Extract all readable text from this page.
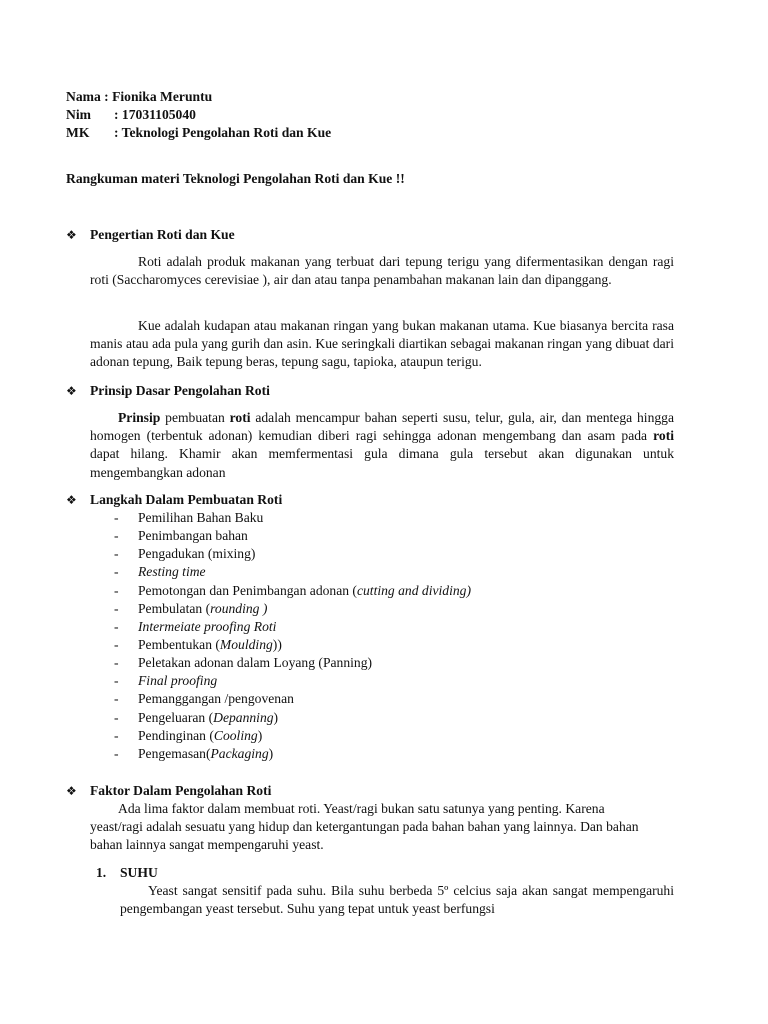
Nama : Fionika Meruntu
Nim : 17031105040
MK : Teknologi Pengolahan Roti dan Kue
Rangkuman materi Teknologi Pengolahan Roti dan Kue !!
❖ Pengertian Roti dan Kue
Roti adalah produk makanan yang terbuat dari tepung terigu yang difermentasikan dengan ragi roti (Saccharomyces cerevisiae ), air dan atau tanpa penambahan makanan lain dan dipanggang.
Kue adalah kudapan atau makanan ringan yang bukan makanan utama. Kue biasanya bercita rasa manis atau ada pula yang gurih dan asin. Kue seringkali diartikan sebagai makanan ringan yang dibuat dari adonan tepung, Baik tepung beras, tepung sagu, tapioka, ataupun terigu.
❖ Prinsip Dasar Pengolahan Roti
Prinsip pembuatan roti adalah mencampur bahan seperti susu, telur, gula, air, dan mentega hingga homogen (terbentuk adonan) kemudian diberi ragi sehingga adonan mengembang dan asam pada roti dapat hilang. Khamir akan memfermentasi gula dimana gula tersebut akan digunakan untuk mengembangkan adonan
❖ Langkah Dalam Pembuatan Roti
- Pemilihan Bahan Baku
- Penimbangan bahan
- Pengadukan (mixing)
- Resting time
- Pemotongan dan Penimbangan adonan (cutting and dividing)
- Pembulatan (rounding )
- Intermeiate proofing Roti
- Pembentukan (Moulding))
- Peletakan adonan dalam Loyang (Panning)
- Final proofing
- Pemanggangan /pengovenan
- Pengeluaran (Depanning)
- Pendinginan (Cooling)
- Pengemasan(Packaging)
❖ Faktor Dalam Pengolahan Roti
Ada lima faktor dalam membuat roti. Yeast/ragi bukan satu satunya yang penting. Karena yeast/ragi adalah sesuatu yang hidup dan ketergantungan pada bahan bahan yang lainnya. Dan bahan bahan lainnya sangat mempengaruhi yeast.
1. SUHU
Yeast sangat sensitif pada suhu. Bila suhu berbeda 5º celcius saja akan sangat mempengaruhi pengembangan yeast tersebut. Suhu yang tepat untuk yeast berfungsi
